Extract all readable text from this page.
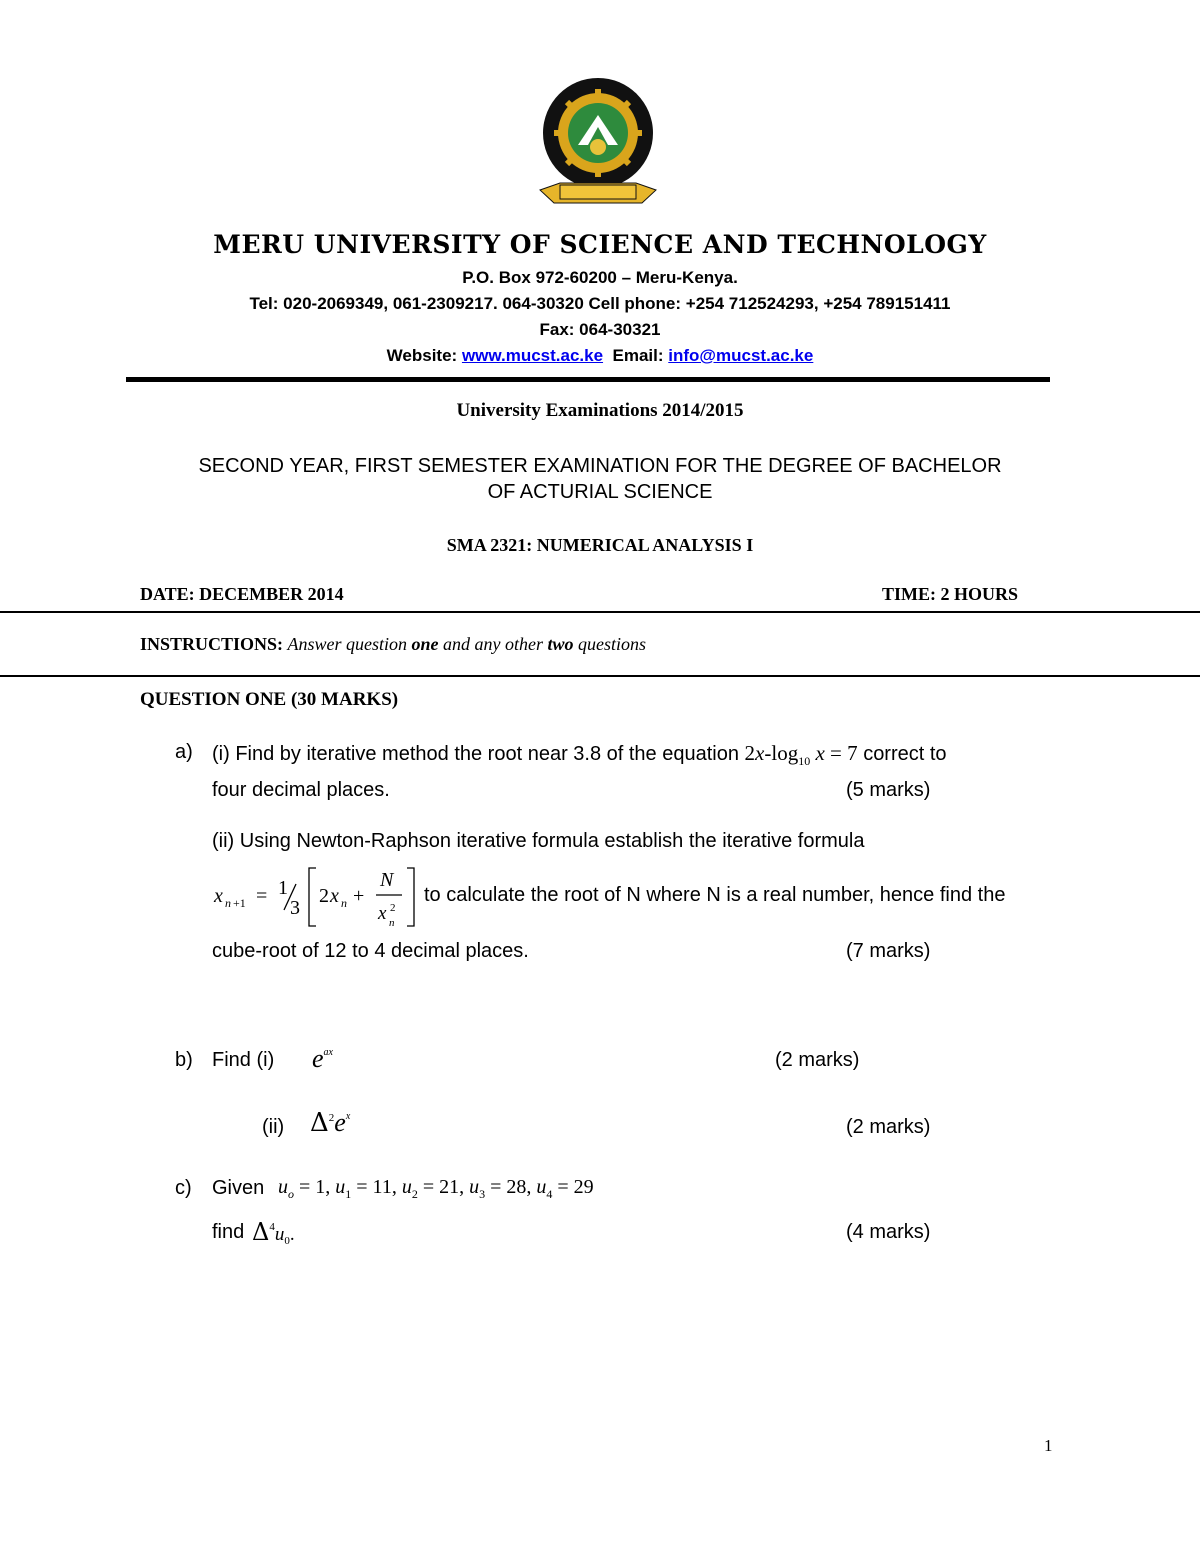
MERU UNIVERSITY OF SCIENCE AND TECHNOLOGY
P.O. Box 972-60200 – Meru-Kenya.
Tel: 020-2069349, 061-2309217. 064-30320 Cell phone: +254 712524293, +254 789151411
Fax: 064-30321
Website: www.mucst.ac.ke Email: info@mucst.ac.ke
University Examinations 2014/2015
SECOND YEAR, FIRST SEMESTER EXAMINATION FOR THE DEGREE OF BACHELOR
OF ACTURIAL SCIENCE
SMA 2321: NUMERICAL ANALYSIS I
DATE: DECEMBER 2014	TIME: 2 HOURS
INSTRUCTIONS: Answer question one and any other two questions
QUESTION ONE (30 MARKS)
a) (i) Find by iterative method the root near 3.8 of the equation $2x-\log_{10}$ x = 7 correct to
four decimal places.	(5 marks)
(ii) Using Newton-Raphson iterative formula establish the iterative formula
x n +1 = 1
3
2 x n +
N
x 2
n
to calculate the root of N where N is a real number, hence find the
cube-root of 12 to 4 decimal places.	(7 marks)
b) Find (i) $e^{ax}$	(2 marks)
(ii) $\Delta^2e^x$	(2 marks)
c) Given $u_o = 1$, $u_1 = 11$, $u_2 = 21$, $u_3 = 28$, $u_4 = 29$
find $\Delta^4u_0$.	(4 marks)
1
